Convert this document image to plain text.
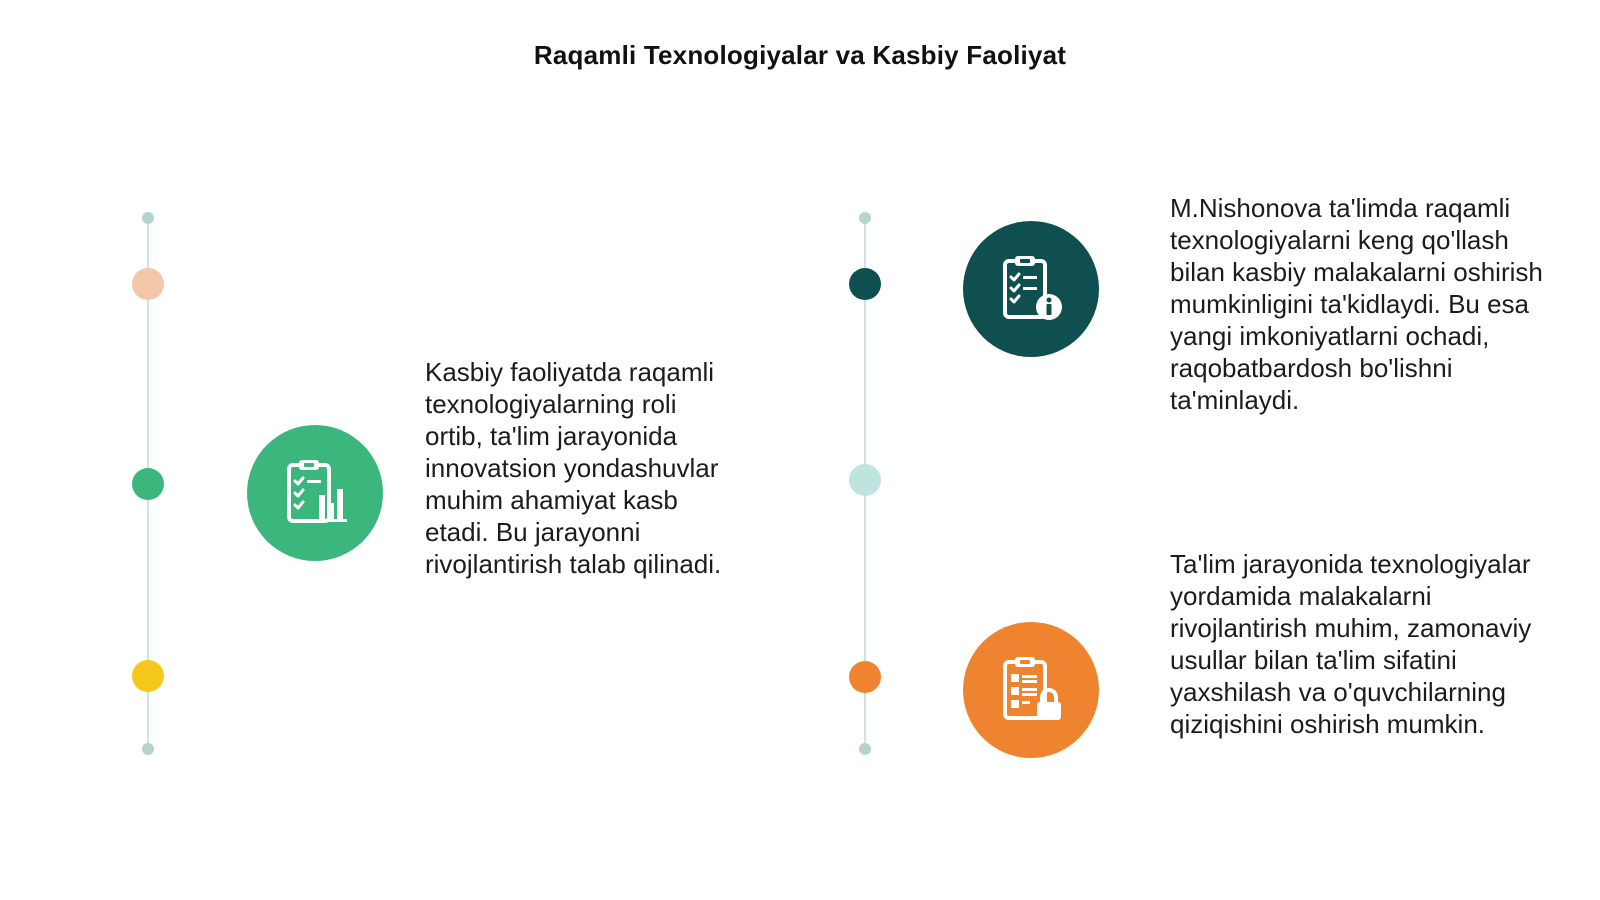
Raqamli Texnologiyalar va Kasbiy Faoliyat
Kasbiy faoliyatda raqamli texnologiyalarning roli ortib, ta'lim jarayonida innovatsion yondashuvlar muhim ahamiyat kasb etadi. Bu jarayonni rivojlantirish talab qilinadi.
M.Nishonova ta'limda raqamli texnologiyalarni keng qo'llash bilan kasbiy malakalarni oshirish mumkinligini ta'kidlaydi. Bu esa yangi imkoniyatlarni ochadi, raqobatbardosh bo'lishni ta'minlaydi.
Ta'lim jarayonida texnologiyalar yordamida malakalarni rivojlantirish muhim, zamonaviy usullar bilan ta'lim sifatini yaxshilash va o'quvchilarning qiziqishini oshirish mumkin.
